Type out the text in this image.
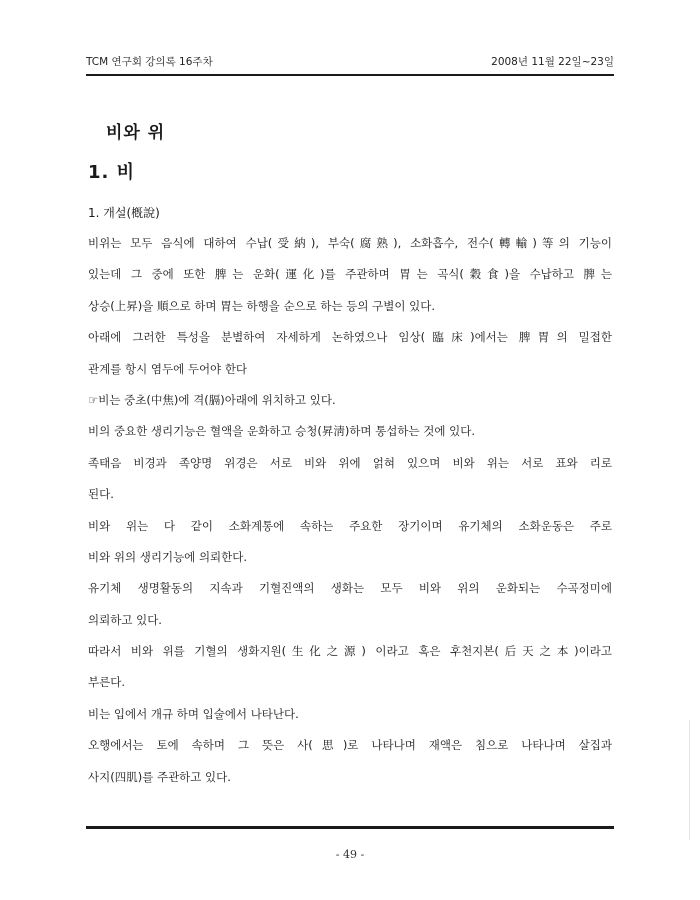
TCM 연구회 강의록 16주차	2008년 11월 22일~23일
비와 위
1. 비
1. 개설(槪說)
비위는 모두 음식에 대하여 수납(受納), 부숙(腐熟), 소화흡수, 전수(轉輸)等의 기능이
있는데 그 중에 또한 脾는 운화(運化)를 주관하며 胃는 곡식(穀食)을 수납하고 脾는
상승(上昇)을 順으로 하며 胃는 하행을 순으로 하는 등의 구별이 있다.
아래에 그러한 특성을 분별하여 자세하게 논하였으나 임상(臨床)에서는 脾胃의 밀접한
관계를 항시 염두에 두어야 한다
☞비는 중초(中焦)에 격(膈)아래에 위치하고 있다.
비의 중요한 생리기능은 혈액을 운화하고 승청(昇淸)하며 통섭하는 것에 있다.
족태음 비경과 족양명 위경은 서로 비와 위에 얽혀 있으며 비와 위는 서로 표와 리로
된다.
비와 위는 다 같이 소화계통에 속하는 주요한 장기이며 유기체의 소화운동은 주로
비와 위의 생리기능에 의뢰한다.
유기체 생명활동의 지속과 기혈진액의 생화는 모두 비와 위의 운화되는 수곡정미에
의뢰하고 있다.
따라서 비와 위를 기혈의 생화지원(生化之源) 이라고 혹은 후천지본(后天之本)이라고
부른다.
비는 입에서 개규 하며 입술에서 나타난다.
오행에서는 토에 속하며 그 뜻은 사(思)로 나타나며 재액은 침으로 나타나며 살집과
사지(四肌)를 주관하고 있다.
- 49 -
